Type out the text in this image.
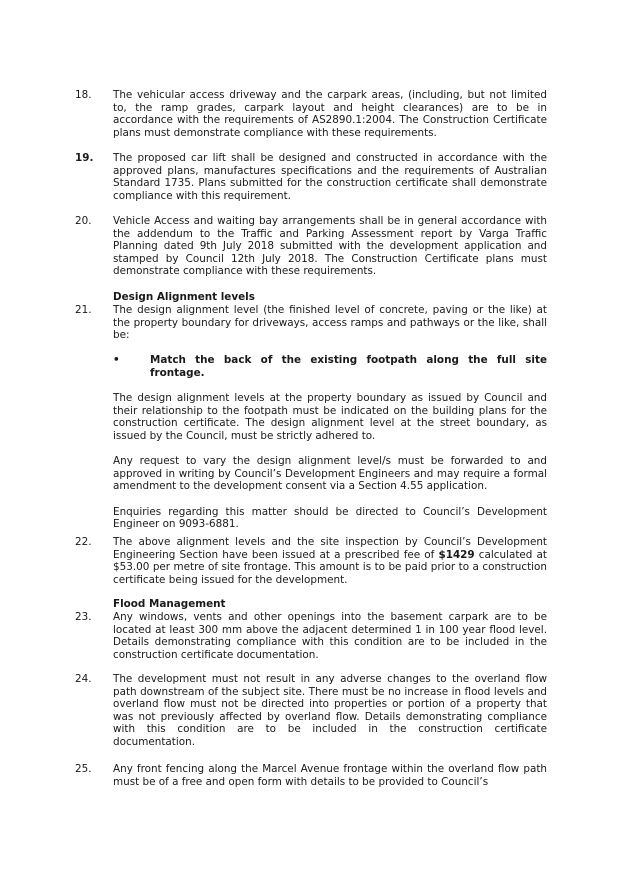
18. The vehicular access driveway and the carpark areas, (including, but not limited to, the ramp grades, carpark layout and height clearances) are to be in accordance with the requirements of AS2890.1:2004. The Construction Certificate plans must demonstrate compliance with these requirements.

19. The proposed car lift shall be designed and constructed in accordance with the approved plans, manufactures specifications and the requirements of Australian Standard 1735. Plans submitted for the construction certificate shall demonstrate compliance with this requirement.

20. Vehicle Access and waiting bay arrangements shall be in general accordance with the addendum to the Traffic and Parking Assessment report by Varga Traffic Planning dated 9th July 2018 submitted with the development application and stamped by Council 12th July 2018. The Construction Certificate plans must demonstrate compliance with these requirements.

Design Alignment levels
21. The design alignment level (the finished level of concrete, paving or the like) at the property boundary for driveways, access ramps and pathways or the like, shall be:

•	Match the back of the existing footpath along the full site frontage.

The design alignment levels at the property boundary as issued by Council and their relationship to the footpath must be indicated on the building plans for the construction certificate. The design alignment level at the street boundary, as issued by the Council, must be strictly adhered to.

Any request to vary the design alignment level/s must be forwarded to and approved in writing by Council’s Development Engineers and may require a formal amendment to the development consent via a Section 4.55 application.

Enquiries regarding this matter should be directed to Council’s Development Engineer on 9093-6881.

22. The above alignment levels and the site inspection by Council’s Development Engineering Section have been issued at a prescribed fee of $1429 calculated at $53.00 per metre of site frontage. This amount is to be paid prior to a construction certificate being issued for the development.

Flood Management
23. Any windows, vents and other openings into the basement carpark are to be located at least 300 mm above the adjacent determined 1 in 100 year flood level. Details demonstrating compliance with this condition are to be included in the construction certificate documentation.

24. The development must not result in any adverse changes to the overland flow path downstream of the subject site. There must be no increase in flood levels and overland flow must not be directed into properties or portion of a property that was not previously affected by overland flow. Details demonstrating compliance with this condition are to be included in the construction certificate documentation.

25. Any front fencing along the Marcel Avenue frontage within the overland flow path must be of a free and open form with details to be provided to Council’s
